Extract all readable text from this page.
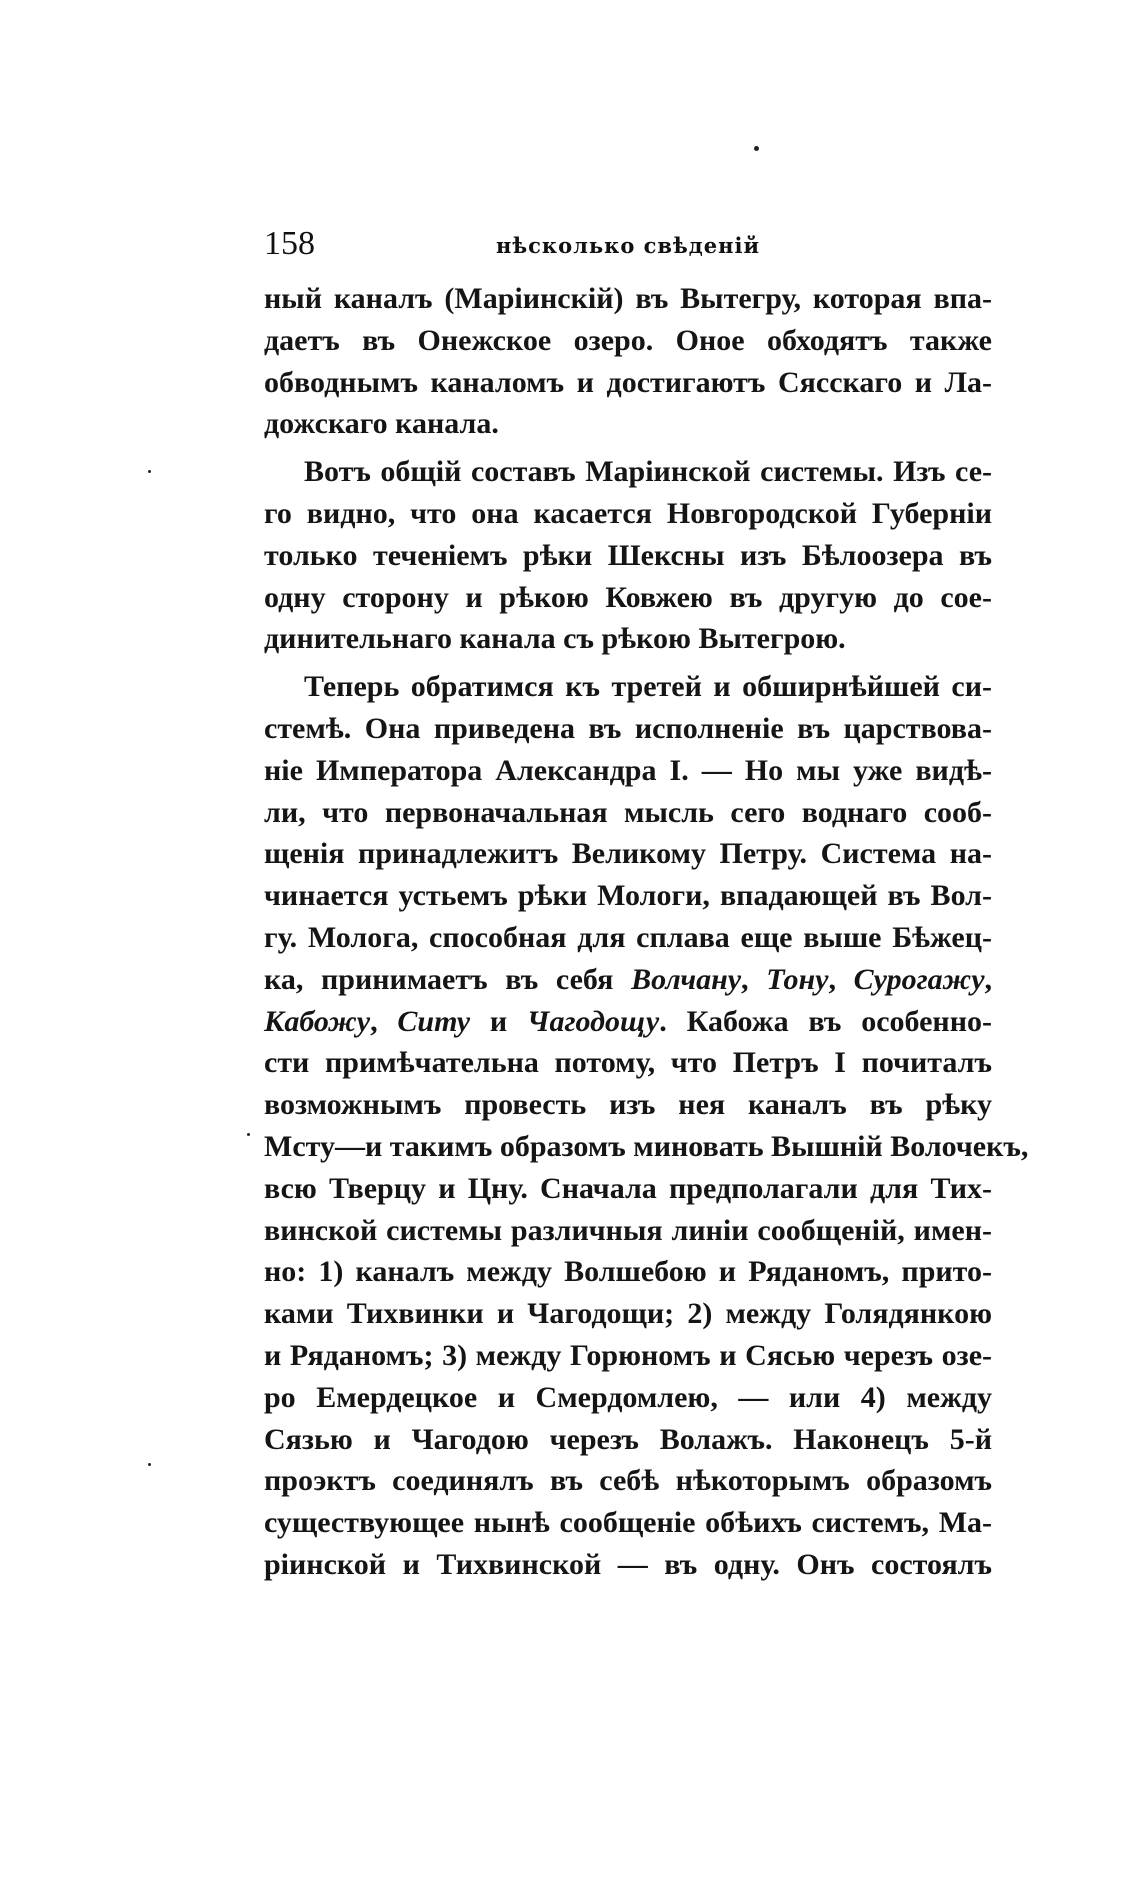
158	нѣсколько свѣденій
ный каналъ (Маріинскій) въ Вытегру, которая впа-
даетъ въ Онежское озеро. Оное обходятъ также
обводнымъ каналомъ и достигаютъ Сясскаго и Ла-
дожскаго канала.
Вотъ общій составъ Маріинской системы. Изъ се-
го видно, что она касается Новгородской Губерніи
только теченіемъ рѣки Шексны изъ Бѣлоозера въ
одну сторону и рѣкою Ковжею въ другую до сое-
динительнаго канала съ рѣкою Вытегрою.
Теперь обратимся къ третей и обширнѣйшей си-
стемѣ. Она приведена въ исполненіе въ царствова-
ніе Императора Александра I. — Но мы уже видѣ-
ли, что первоначальная мысль сего воднаго сооб-
щенія принадлежитъ Великому Петру. Система на-
чинается устьемъ рѣки Мологи, впадающей въ Вол-
гу. Молога, способная для сплава еще выше Бѣжец-
ка, принимаетъ въ себя Волчану, Тону, Сурогажу,
Кабожу, Ситу и Чагодощу. Кабожа въ особенно-
сти примѣчательна потому, что Петръ I почиталъ
возможнымъ провесть изъ нея каналъ въ рѣку
Мсту—и такимъ образомъ миновать Вышній Волочекъ,
всю Тверцу и Цну. Сначала предполагали для Тих-
винской системы различныя линіи сообщеній, имен-
но: 1) каналъ между Волшебою и Ряданомъ, прито-
ками Тихвинки и Чагодощи; 2) между Голядянкою
и Ряданомъ; 3) между Горюномъ и Сясью черезъ озе-
ро Емердецкое и Смердомлею, — или 4) между
Сязью и Чагодою черезъ Волажъ. Наконецъ 5-й
проэктъ соединялъ въ себѣ нѣкоторымъ образомъ
существующее нынѣ сообщеніе обѣихъ системъ, Ма-
ріинской и Тихвинской — въ одну. Онъ состоялъ
